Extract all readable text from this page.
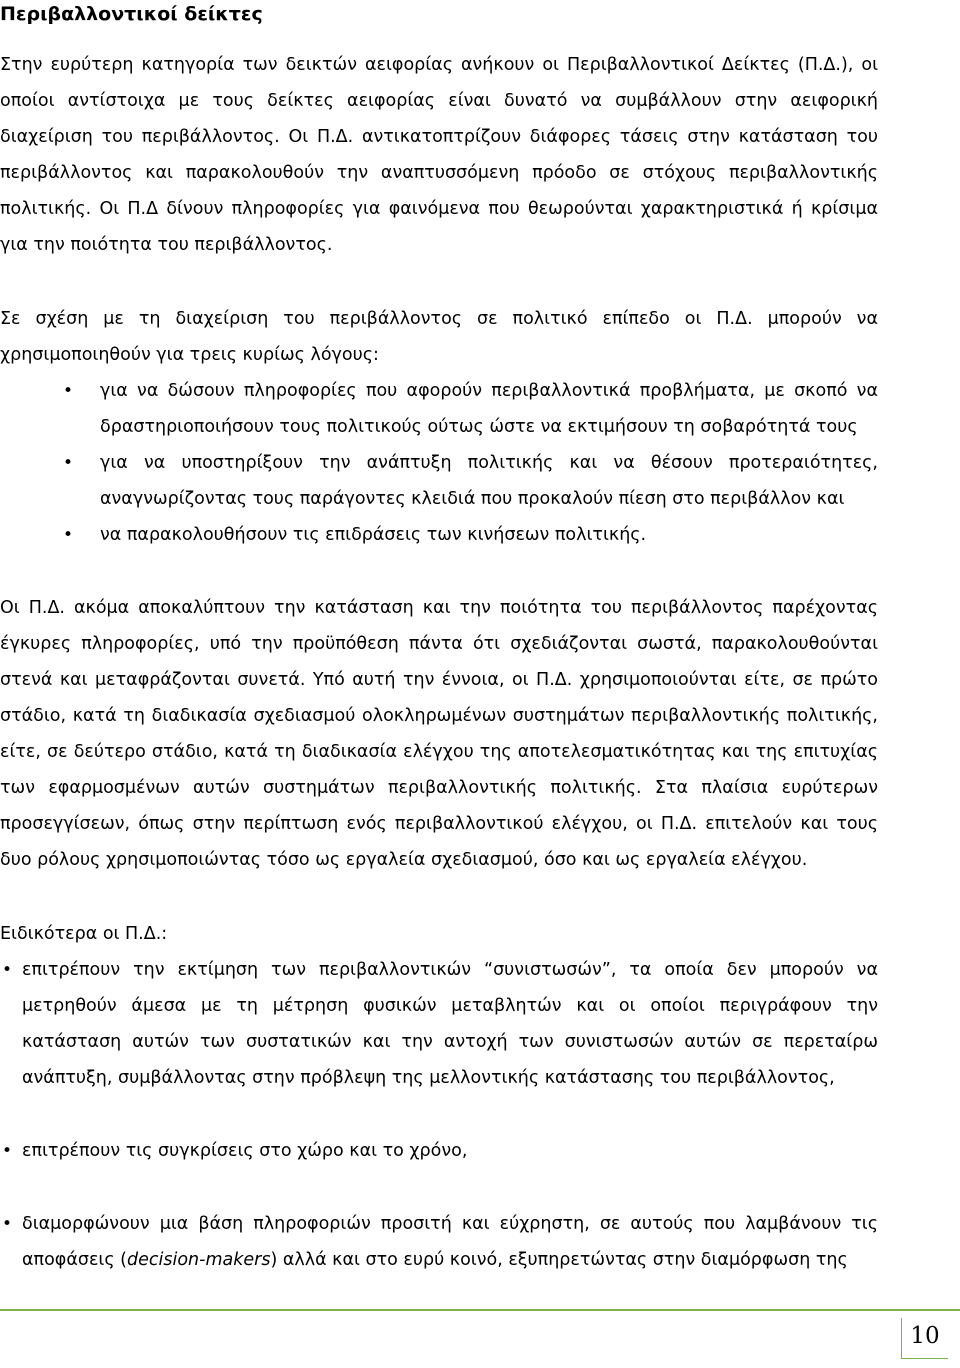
Περιβαλλοντικοί δείκτες

Στην ευρύτερη κατηγορία των δεικτών αειφορίας ανήκουν οι Περιβαλλοντικοί Δείκτες (Π.Δ.), οι οποίοι αντίστοιχα με τους δείκτες αειφορίας είναι δυνατό να συμβάλλουν στην αειφορική διαχείριση του περιβάλλοντος. Οι Π.Δ. αντικατοπτρίζουν διάφορες τάσεις στην κατάσταση του περιβάλλοντος και παρακολουθούν την αναπτυσσόμενη πρόοδο σε στόχους περιβαλλοντικής πολιτικής. Οι Π.Δ δίνουν πληροφορίες για φαινόμενα που θεωρούνται χαρακτηριστικά ή κρίσιμα για την ποιότητα του περιβάλλοντος.

Σε σχέση με τη διαχείριση του περιβάλλοντος σε πολιτικό επίπεδο οι Π.Δ. μπορούν να χρησιμοποιηθούν για τρεις κυρίως λόγους:

• για να δώσουν πληροφορίες που αφορούν περιβαλλοντικά προβλήματα, με σκοπό να δραστηριοποιήσουν τους πολιτικούς ούτως ώστε να εκτιμήσουν τη σοβαρότητά τους
• για να υποστηρίξουν την ανάπτυξη πολιτικής και να θέσουν προτεραιότητες, αναγνωρίζοντας τους παράγοντες κλειδιά που προκαλούν πίεση στο περιβάλλον και
• να παρακολουθήσουν τις επιδράσεις των κινήσεων πολιτικής.

Οι Π.Δ. ακόμα αποκαλύπτουν την κατάσταση και την ποιότητα του περιβάλλοντος παρέχοντας έγκυρες πληροφορίες, υπό την προϋπόθεση πάντα ότι σχεδιάζονται σωστά, παρακολουθούνται στενά και μεταφράζονται συνετά. Υπό αυτή την έννοια, οι Π.Δ. χρησιμοποιούνται είτε, σε πρώτο στάδιο, κατά τη διαδικασία σχεδιασμού ολοκληρωμένων συστημάτων περιβαλλοντικής πολιτικής, είτε, σε δεύτερο στάδιο, κατά τη διαδικασία ελέγχου της αποτελεσματικότητας και της επιτυχίας των εφαρμοσμένων αυτών συστημάτων περιβαλλοντικής πολιτικής. Στα πλαίσια ευρύτερων προσεγγίσεων, όπως στην περίπτωση ενός περιβαλλοντικού ελέγχου, οι Π.Δ. επιτελούν και τους δυο ρόλους χρησιμοποιώντας τόσο ως εργαλεία σχεδιασμού, όσο και ως εργαλεία ελέγχου.

Ειδικότερα οι Π.Δ.:

• επιτρέπουν την εκτίμηση των περιβαλλοντικών “συνιστωσών”, τα οποία δεν μπορούν να μετρηθούν άμεσα με τη μέτρηση φυσικών μεταβλητών και οι οποίοι περιγράφουν την κατάσταση αυτών των συστατικών και την αντοχή των συνιστωσών αυτών σε περεταίρω ανάπτυξη, συμβάλλοντας στην πρόβλεψη της μελλοντικής κατάστασης του περιβάλλοντος,
• επιτρέπουν τις συγκρίσεις στο χώρο και το χρόνο,
• διαμορφώνουν μια βάση πληροφοριών προσιτή και εύχρηστη, σε αυτούς που λαμβάνουν τις αποφάσεις (decision-makers) αλλά και στο ευρύ κοινό, εξυπηρετώντας στην διαμόρφωση της
10
